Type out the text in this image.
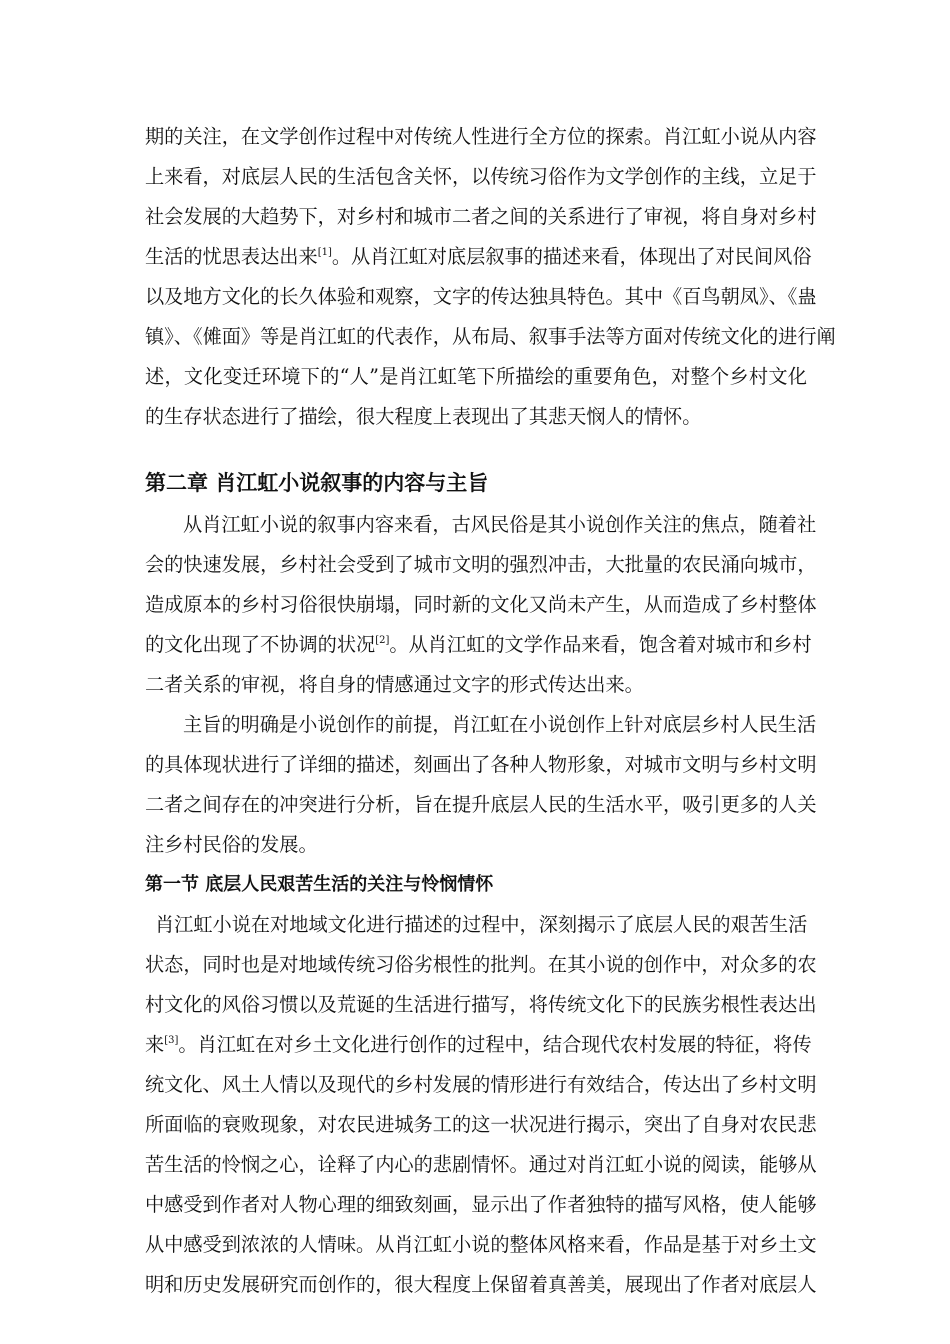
期的关注，在文学创作过程中对传统人性进行全方位的探索。肖江虹小说从内容
上来看，对底层人民的生活包含关怀，以传统习俗作为文学创作的主线，立足于
社会发展的大趋势下，对乡村和城市二者之间的关系进行了审视，将自身对乡村
生活的忧思表达出来[1]。从肖江虹对底层叙事的描述来看，体现出了对民间风俗
以及地方文化的长久体验和观察，文字的传达独具特色。其中《百鸟朝凤》、《蛊
镇》、《傩面》等是肖江虹的代表作，从布局、叙事手法等方面对传统文化的进行阐
述，文化变迁环境下的“人”是肖江虹笔下所描绘的重要角色，对整个乡村文化
的生存状态进行了描绘，很大程度上表现出了其悲天悯人的情怀。
第二章 肖江虹小说叙事的内容与主旨
从肖江虹小说的叙事内容来看，古风民俗是其小说创作关注的焦点，随着社
会的快速发展，乡村社会受到了城市文明的强烈冲击，大批量的农民涌向城市，
造成原本的乡村习俗很快崩塌，同时新的文化又尚未产生，从而造成了乡村整体
的文化出现了不协调的状况[2]。从肖江虹的文学作品来看，饱含着对城市和乡村
二者关系的审视，将自身的情感通过文字的形式传达出来。
主旨的明确是小说创作的前提，肖江虹在小说创作上针对底层乡村人民生活
的具体现状进行了详细的描述，刻画出了各种人物形象，对城市文明与乡村文明
二者之间存在的冲突进行分析，旨在提升底层人民的生活水平，吸引更多的人关
注乡村民俗的发展。
第一节 底层人民艰苦生活的关注与怜悯情怀
肖江虹小说在对地域文化进行描述的过程中，深刻揭示了底层人民的艰苦生活
状态，同时也是对地域传统习俗劣根性的批判。在其小说的创作中，对众多的农
村文化的风俗习惯以及荒诞的生活进行描写，将传统文化下的民族劣根性表达出
来[3]。肖江虹在对乡土文化进行创作的过程中，结合现代农村发展的特征，将传
统文化、风土人情以及现代的乡村发展的情形进行有效结合，传达出了乡村文明
所面临的衰败现象，对农民进城务工的这一状况进行揭示，突出了自身对农民悲
苦生活的怜悯之心，诠释了内心的悲剧情怀。通过对肖江虹小说的阅读，能够从
中感受到作者对人物心理的细致刻画，显示出了作者独特的描写风格，使人能够
从中感受到浓浓的人情味。从肖江虹小说的整体风格来看，作品是基于对乡土文
明和历史发展研究而创作的，很大程度上保留着真善美，展现出了作者对底层人
